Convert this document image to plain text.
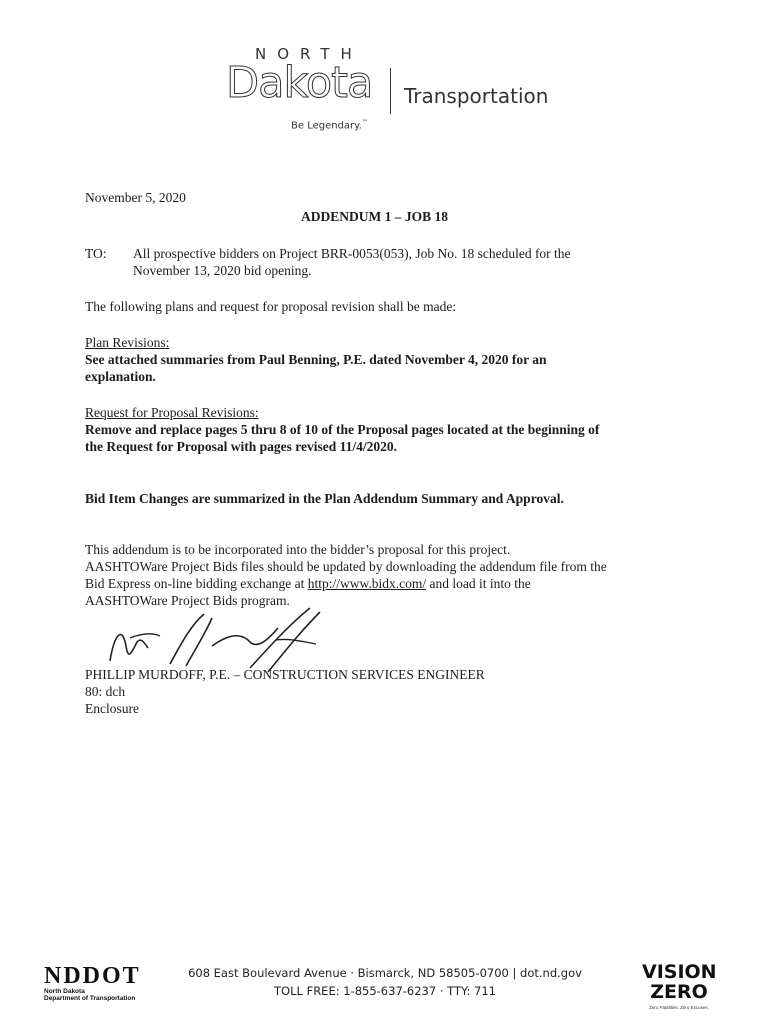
NORTH
Dakota Transportation
Be Legendary.™
November 5, 2020
ADDENDUM 1 – JOB 18
TO: All prospective bidders on Project BRR-0053(053), Job No. 18 scheduled for the
November 13, 2020 bid opening.
The following plans and request for proposal revision shall be made:
Plan Revisions:
See attached summaries from Paul Benning, P.E. dated November 4, 2020 for an
explanation.
Request for Proposal Revisions:
Remove and replace pages 5 thru 8 of 10 of the Proposal pages located at the beginning of
the Request for Proposal with pages revised 11/4/2020.
Bid Item Changes are summarized in the Plan Addendum Summary and Approval.
This addendum is to be incorporated into the bidder’s proposal for this project.
AASHTOWare Project Bids files should be updated by downloading the addendum file from the
Bid Express on-line bidding exchange at http://www.bidx.com/ and load it into the
AASHTOWare Project Bids program.
PHILLIP MURDOFF, P.E. – CONSTRUCTION SERVICES ENGINEER
80: dch
Enclosure
NDDOT
North Dakota
Department of Transportation
608 East Boulevard Avenue · Bismarck, ND 58505-0700 | dot.nd.gov
TOLL FREE: 1-855-637-6237 · TTY: 711
VISION
ZERO
Zero Fatalities. Zero Excuses.
